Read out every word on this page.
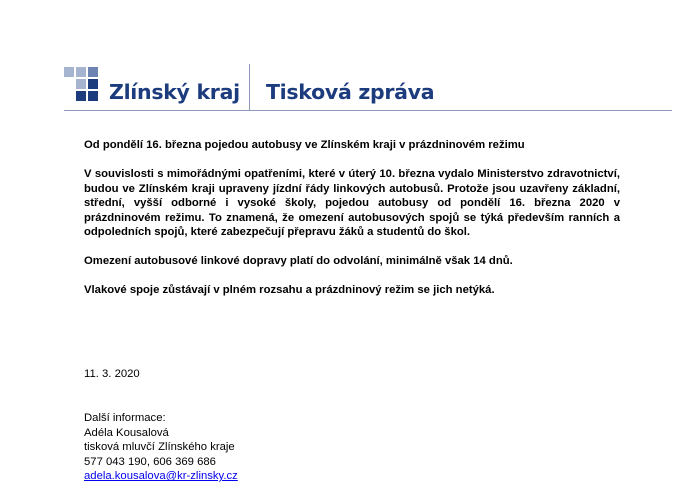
Zlínský kraj Tisková zpráva

Od pondělí 16. března pojedou autobusy ve Zlínském kraji v prázdninovém režimu

V souvislosti s mimořádnými opatřeními, které v úterý 10. března vydalo Ministerstvo zdravotnictví, budou ve Zlínském kraji upraveny jízdní řády linkových autobusů. Protože jsou uzavřeny základní, střední, vyšší odborné i vysoké školy, pojedou autobusy od pondělí 16. března 2020 v prázdninovém režimu. To znamená, že omezení autobusových spojů se týká především ranních a odpoledních spojů, které zabezpečují přepravu žáků a studentů do škol.

Omezení autobusové linkové dopravy platí do odvolání, minimálně však 14 dnů.

Vlakové spoje zůstávají v plném rozsahu a prázdninový režim se jich netýká.

11. 3. 2020
Další informace:
Adéla Kousalová
tisková mluvčí Zlínského kraje
577 043 190, 606 369 686
adela.kousalova@kr-zlinsky.cz
